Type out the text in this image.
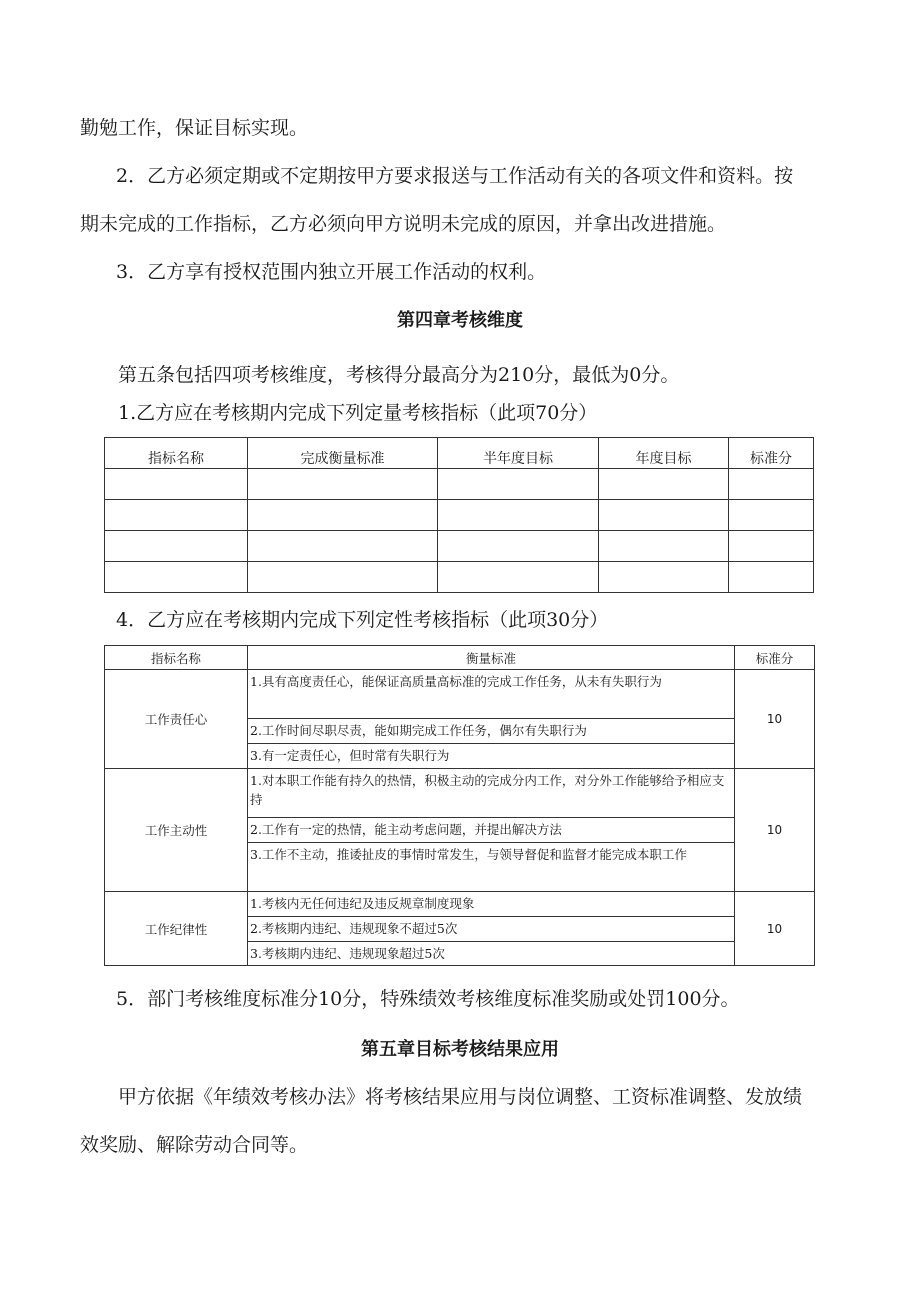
勤勉工作，保证目标实现。
2．乙方必须定期或不定期按甲方要求报送与工作活动有关的各项文件和资料。按
期未完成的工作指标，乙方必须向甲方说明未完成的原因，并拿出改进措施。
3．乙方享有授权范围内独立开展工作活动的权利。
第四章考核维度
第五条包括四项考核维度，考核得分最高分为210分，最低为0分。
1.乙方应在考核期内完成下列定量考核指标（此项70分）
指标名称	完成衡量标准	半年度目标	年度目标	标准分

4．乙方应在考核期内完成下列定性考核指标（此项30分）
指标名称	衡量标准	标准分
工作责任心	1.具有高度责任心，能保证高质量高标准的完成工作任务，从未有失职行为	10
	2.工作时间尽职尽责，能如期完成工作任务，偶尔有失职行为	
	3.有一定责任心，但时常有失职行为	
工作主动性	1.对本职工作能有持久的热情，积极主动的完成分内工作，对分外工作能够给予相应支持	10
	2.工作有一定的热情，能主动考虑问题，并提出解决方法	
	3.工作不主动，推诿扯皮的事情时常发生，与领导督促和监督才能完成本职工作	
工作纪律性	1.考核内无任何违纪及违反规章制度现象	10
	2.考核期内违纪、违规现象不超过5次	
	3.考核期内违纪、违规现象超过5次	
5．部门考核维度标准分10分，特殊绩效考核维度标准奖励或处罚100分。
第五章目标考核结果应用
甲方依据《年绩效考核办法》将考核结果应用与岗位调整、工资标准调整、发放绩
效奖励、解除劳动合同等。
